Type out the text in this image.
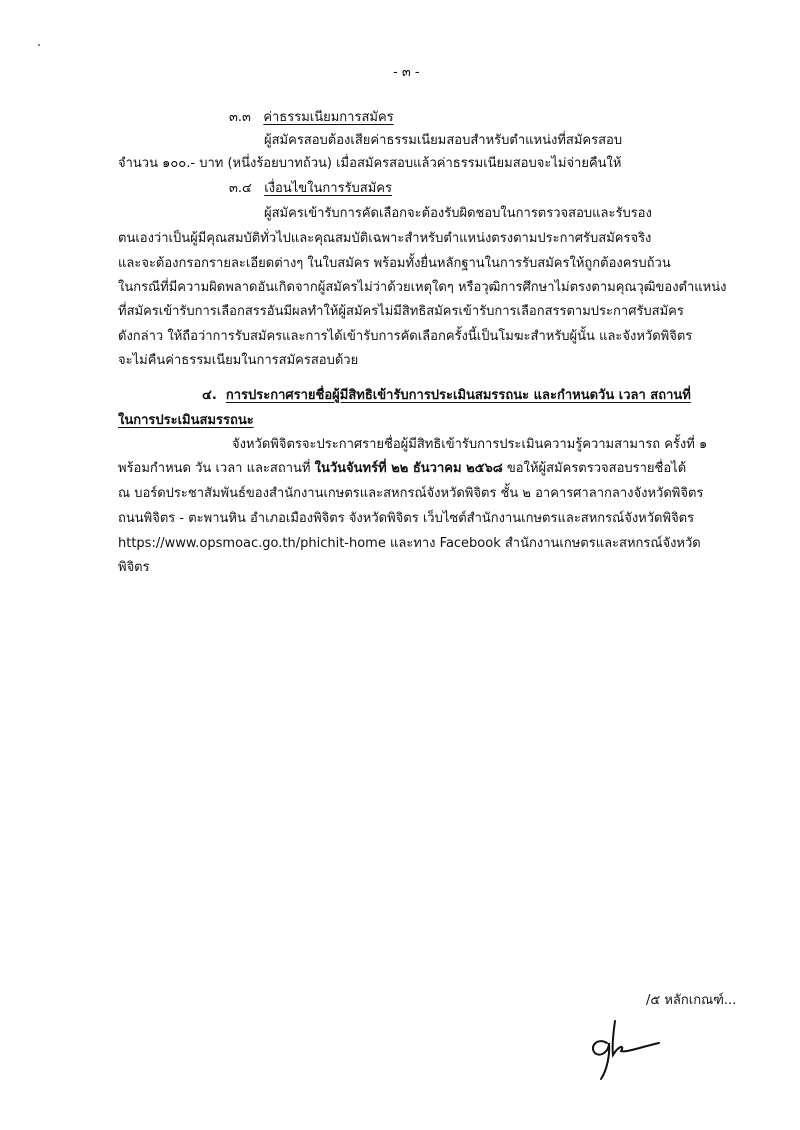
- ๓ -
๓.๓ ค่าธรรมเนียมการสมัคร
ผู้สมัครสอบต้องเสียค่าธรรมเนียมสอบสำหรับตำแหน่งที่สมัครสอบ
จำนวน ๑๐๐.- บาท (หนึ่งร้อยบาทถ้วน) เมื่อสมัครสอบแล้วค่าธรรมเนียมสอบจะไม่จ่ายคืนให้
๓.๔ เงื่อนไขในการรับสมัคร
ผู้สมัครเข้ารับการคัดเลือกจะต้องรับผิดชอบในการตรวจสอบและรับรอง
ตนเองว่าเป็นผู้มีคุณสมบัติทั่วไปและคุณสมบัติเฉพาะสำหรับตำแหน่งตรงตามประกาศรับสมัครจริง
และจะต้องกรอกรายละเอียดต่างๆ ในใบสมัคร พร้อมทั้งยื่นหลักฐานในการรับสมัครให้ถูกต้องครบถ้วน
ในกรณีที่มีความผิดพลาดอันเกิดจากผู้สมัครไม่ว่าด้วยเหตุใดๆ หรือวุฒิการศึกษาไม่ตรงตามคุณวุฒิของตำแหน่ง
ที่สมัครเข้ารับการเลือกสรรอันมีผลทำให้ผู้สมัครไม่มีสิทธิสมัครเข้ารับการเลือกสรรตามประกาศรับสมัคร
ดังกล่าว ให้ถือว่าการรับสมัครและการได้เข้ารับการคัดเลือกครั้งนี้เป็นโมฆะสำหรับผู้นั้น และจังหวัดพิจิตร
จะไม่คืนค่าธรรมเนียมในการสมัครสอบด้วย
๔. การประกาศรายชื่อผู้มีสิทธิเข้ารับการประเมินสมรรถนะ และกำหนดวัน เวลา สถานที่
ในการประเมินสมรรถนะ
จังหวัดพิจิตรจะประกาศรายชื่อผู้มีสิทธิเข้ารับการประเมินความรู้ความสามารถ ครั้งที่ ๑
พร้อมกำหนด วัน เวลา และสถานที่ ในวันจันทร์ที่ ๒๒ ธันวาคม ๒๕๖๘ ขอให้ผู้สมัครตรวจสอบรายชื่อได้
ณ บอร์ดประชาสัมพันธ์ของสำนักงานเกษตรและสหกรณ์จังหวัดพิจิตร ชั้น ๒ อาคารศาลากลางจังหวัดพิจิตร
ถนนพิจิตร - ตะพานหิน อำเภอเมืองพิจิตร จังหวัดพิจิตร เว็บไซต์สำนักงานเกษตรและสหกรณ์จังหวัดพิจิตร
https://www.opsmoac.go.th/phichit-home และทาง Facebook สำนักงานเกษตรและสหกรณ์จังหวัด
พิจิตร
/๕ หลักเกณฑ์...
